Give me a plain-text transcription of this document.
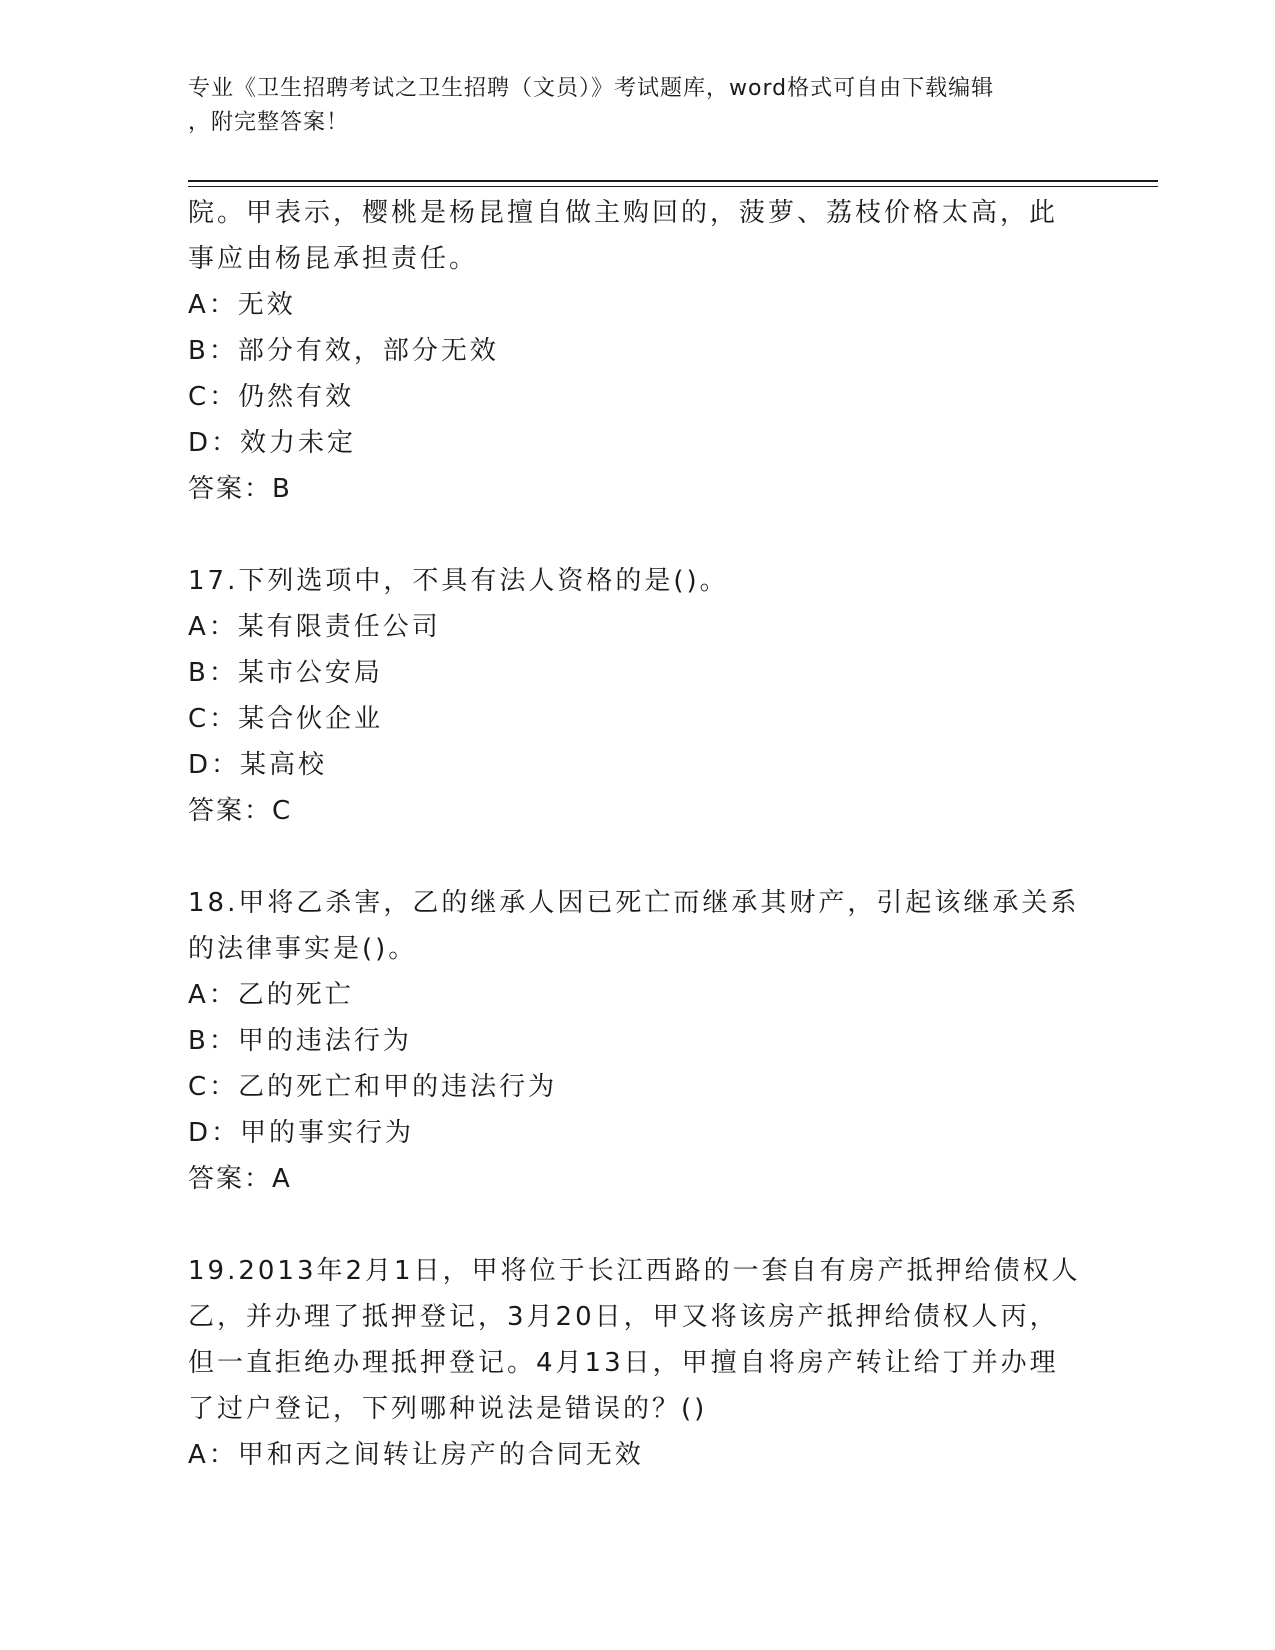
专业《卫生招聘考试之卫生招聘（文员）》考试题库，word格式可自由下载编辑
，附完整答案！
院。甲表示，樱桃是杨昆擅自做主购回的，菠萝、荔枝价格太高，此
事应由杨昆承担责任。
A：无效
B：部分有效，部分无效
C：仍然有效
D：效力未定
答案：B
17.下列选项中，不具有法人资格的是()。
A：某有限责任公司
B：某市公安局
C：某合伙企业
D：某高校
答案：C
18.甲将乙杀害，乙的继承人因已死亡而继承其财产，引起该继承关系
的法律事实是()。
A：乙的死亡
B：甲的违法行为
C：乙的死亡和甲的违法行为
D：甲的事实行为
答案：A
19.2013年2月1日，甲将位于长江西路的一套自有房产抵押给债权人
乙，并办理了抵押登记，3月20日，甲又将该房产抵押给债权人丙，
但一直拒绝办理抵押登记。4月13日，甲擅自将房产转让给丁并办理
了过户登记，下列哪种说法是错误的？()
A：甲和丙之间转让房产的合同无效
